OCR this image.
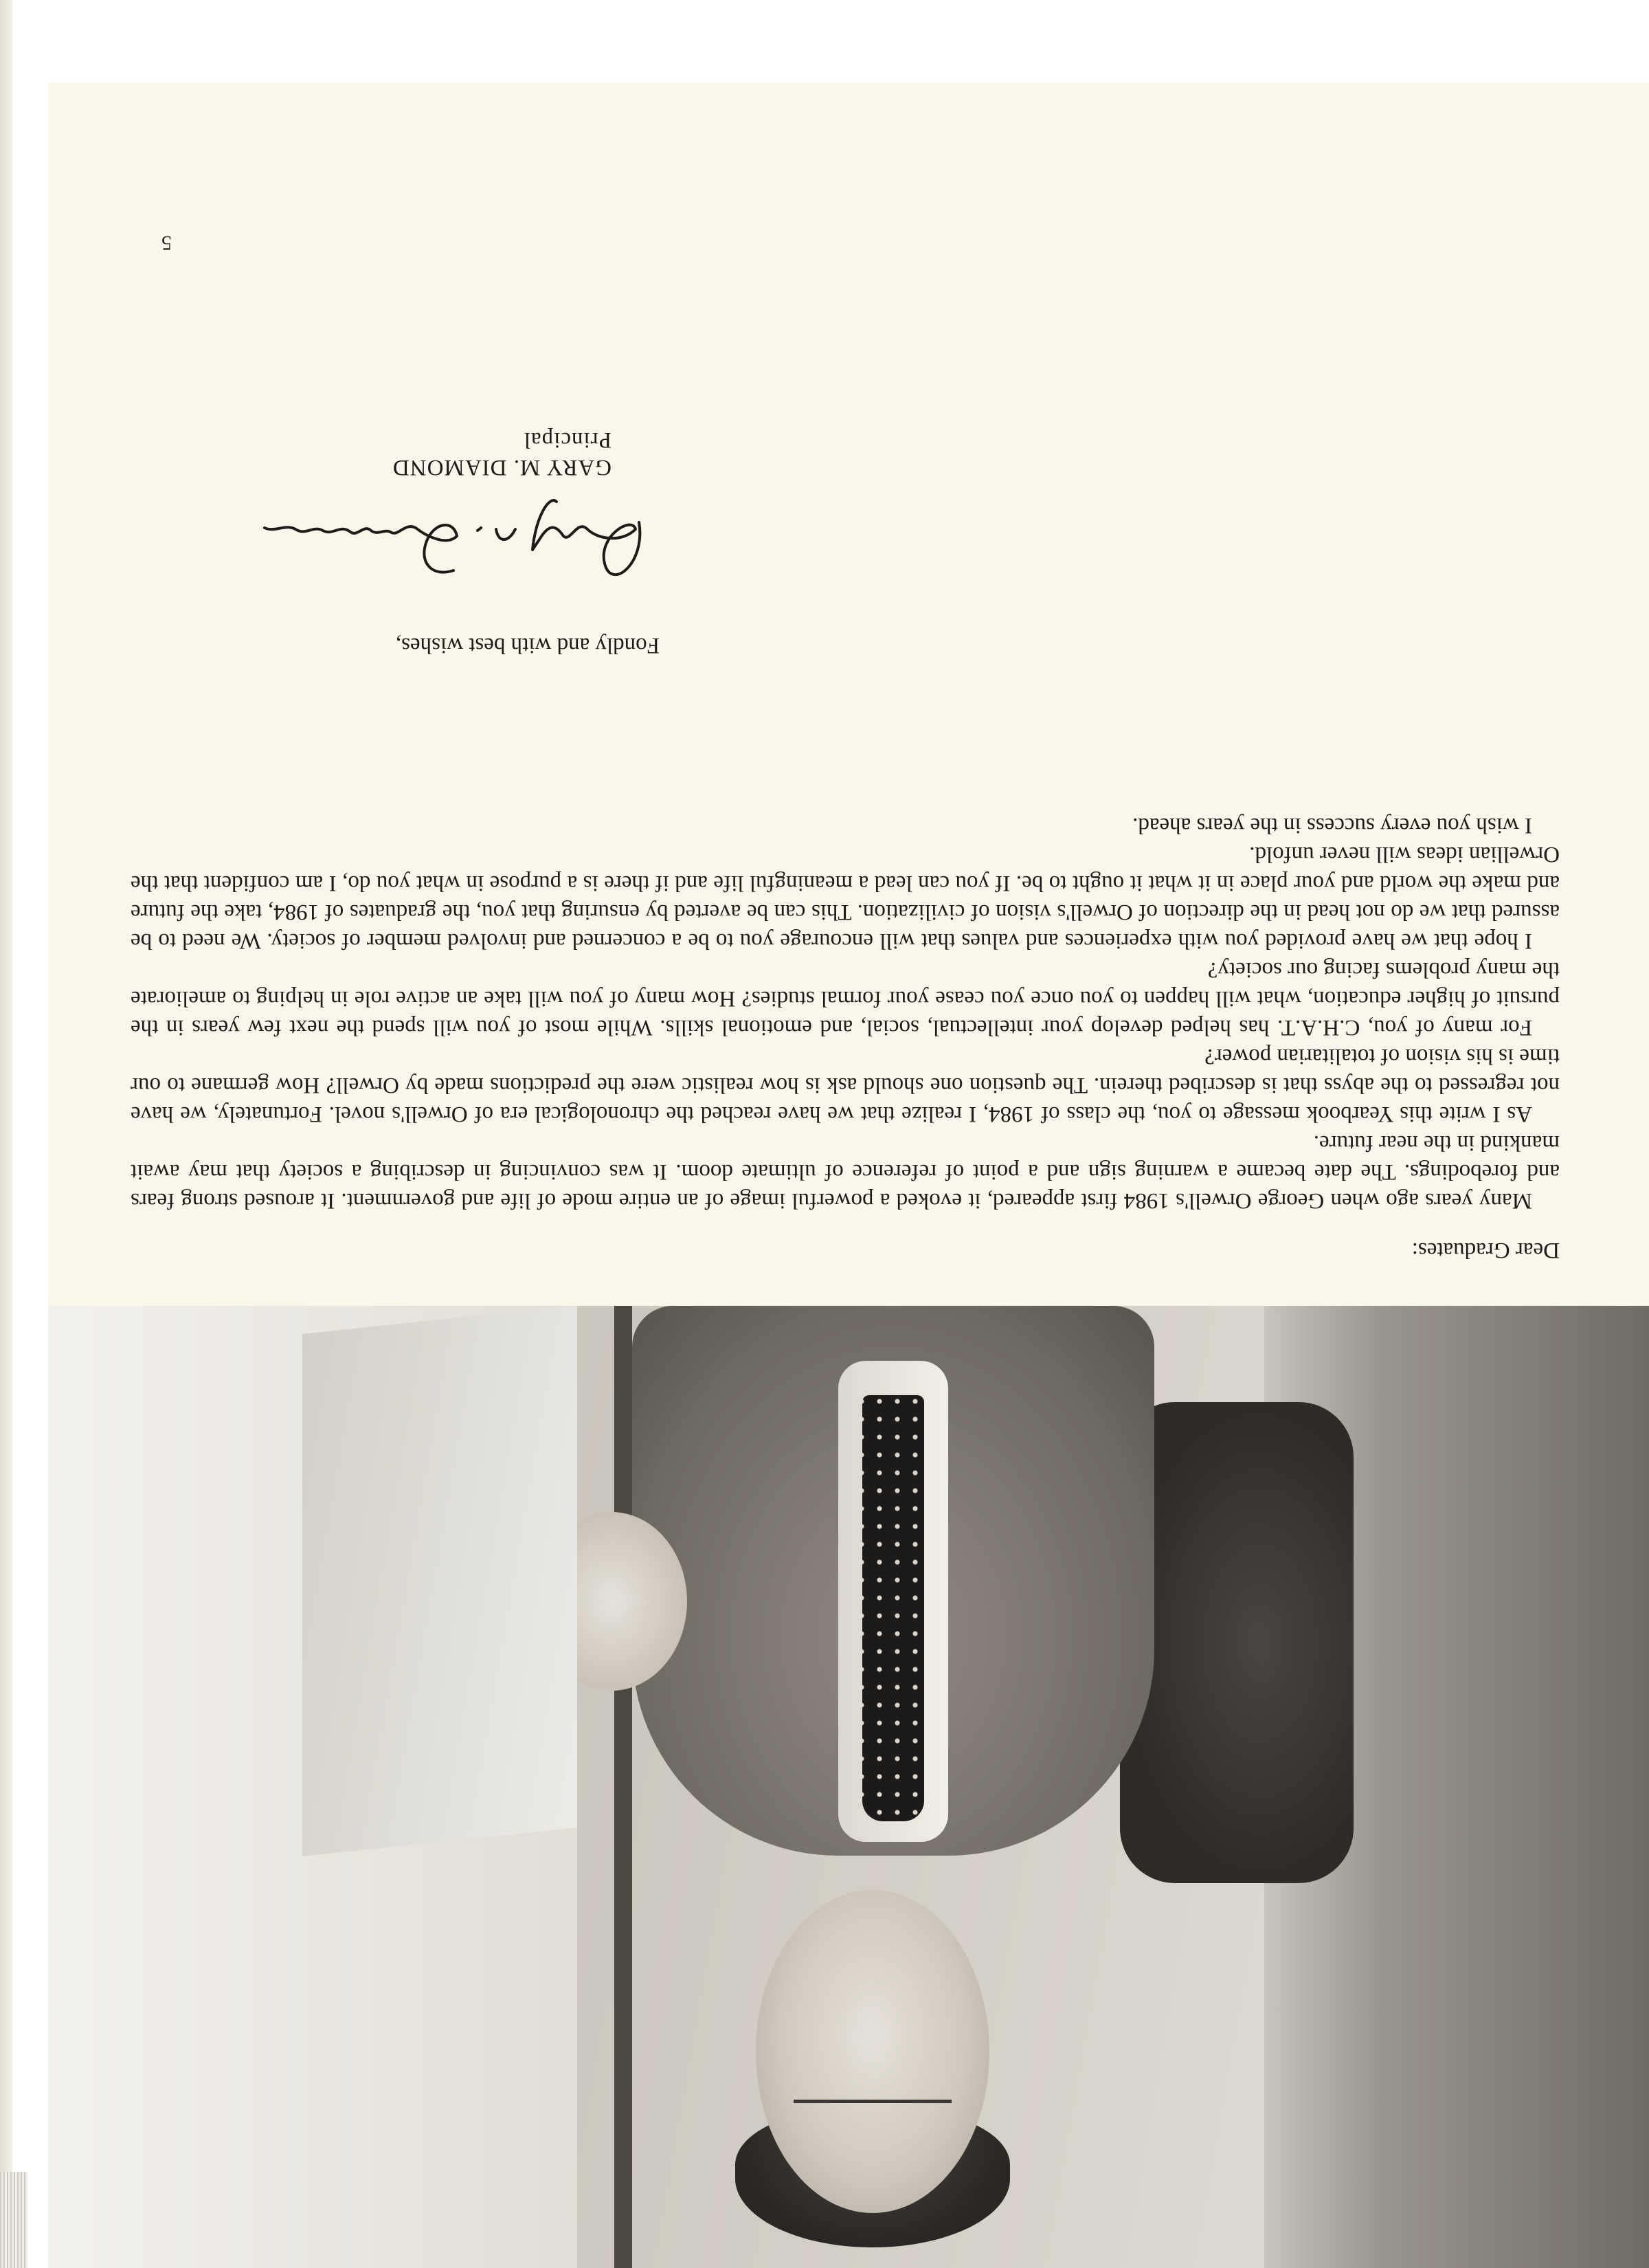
Dear Graduates:

Many years ago when George Orwell's 1984 first appeared, it evoked a powerful image of an entire mode of life and government. It aroused strong fears and forebodings. The date became a warning sign and a point of reference of ultimate doom. It was convincing in describing a society that may await mankind in the near future.

As I write this Yearbook message to you, the class of 1984, I realize that we have reached the chronological era of Orwell's novel. Fortunately, we have not regressed to the abyss that is described therein. The question one should ask is how realistic were the predictions made by Orwell? How germane to our time is his vision of totalitarian power?

For many of you, C.H.A.T. has helped develop your intellectual, social, and emotional skills. While most of you will spend the next few years in the pursuit of higher education, what will happen to you once you cease your formal studies? How many of you will take an active role in helping to ameliorate the many problems facing our society?

I hope that we have provided you with experiences and values that will encourage you to be a concerned and involved member of society. We need to be assured that we do not head in the direction of Orwell's vision of civilization. This can be averted by ensuring that you, the graduates of 1984, take the future and make the world and your place in it what it ought to be. If you can lead a meaningful life and if there is a purpose in what you do, I am confident that the Orwellian ideas will never unfold.

I wish you every success in the years ahead.

Fondly and with best wishes,
GARY M. DIAMOND
Principal
5
